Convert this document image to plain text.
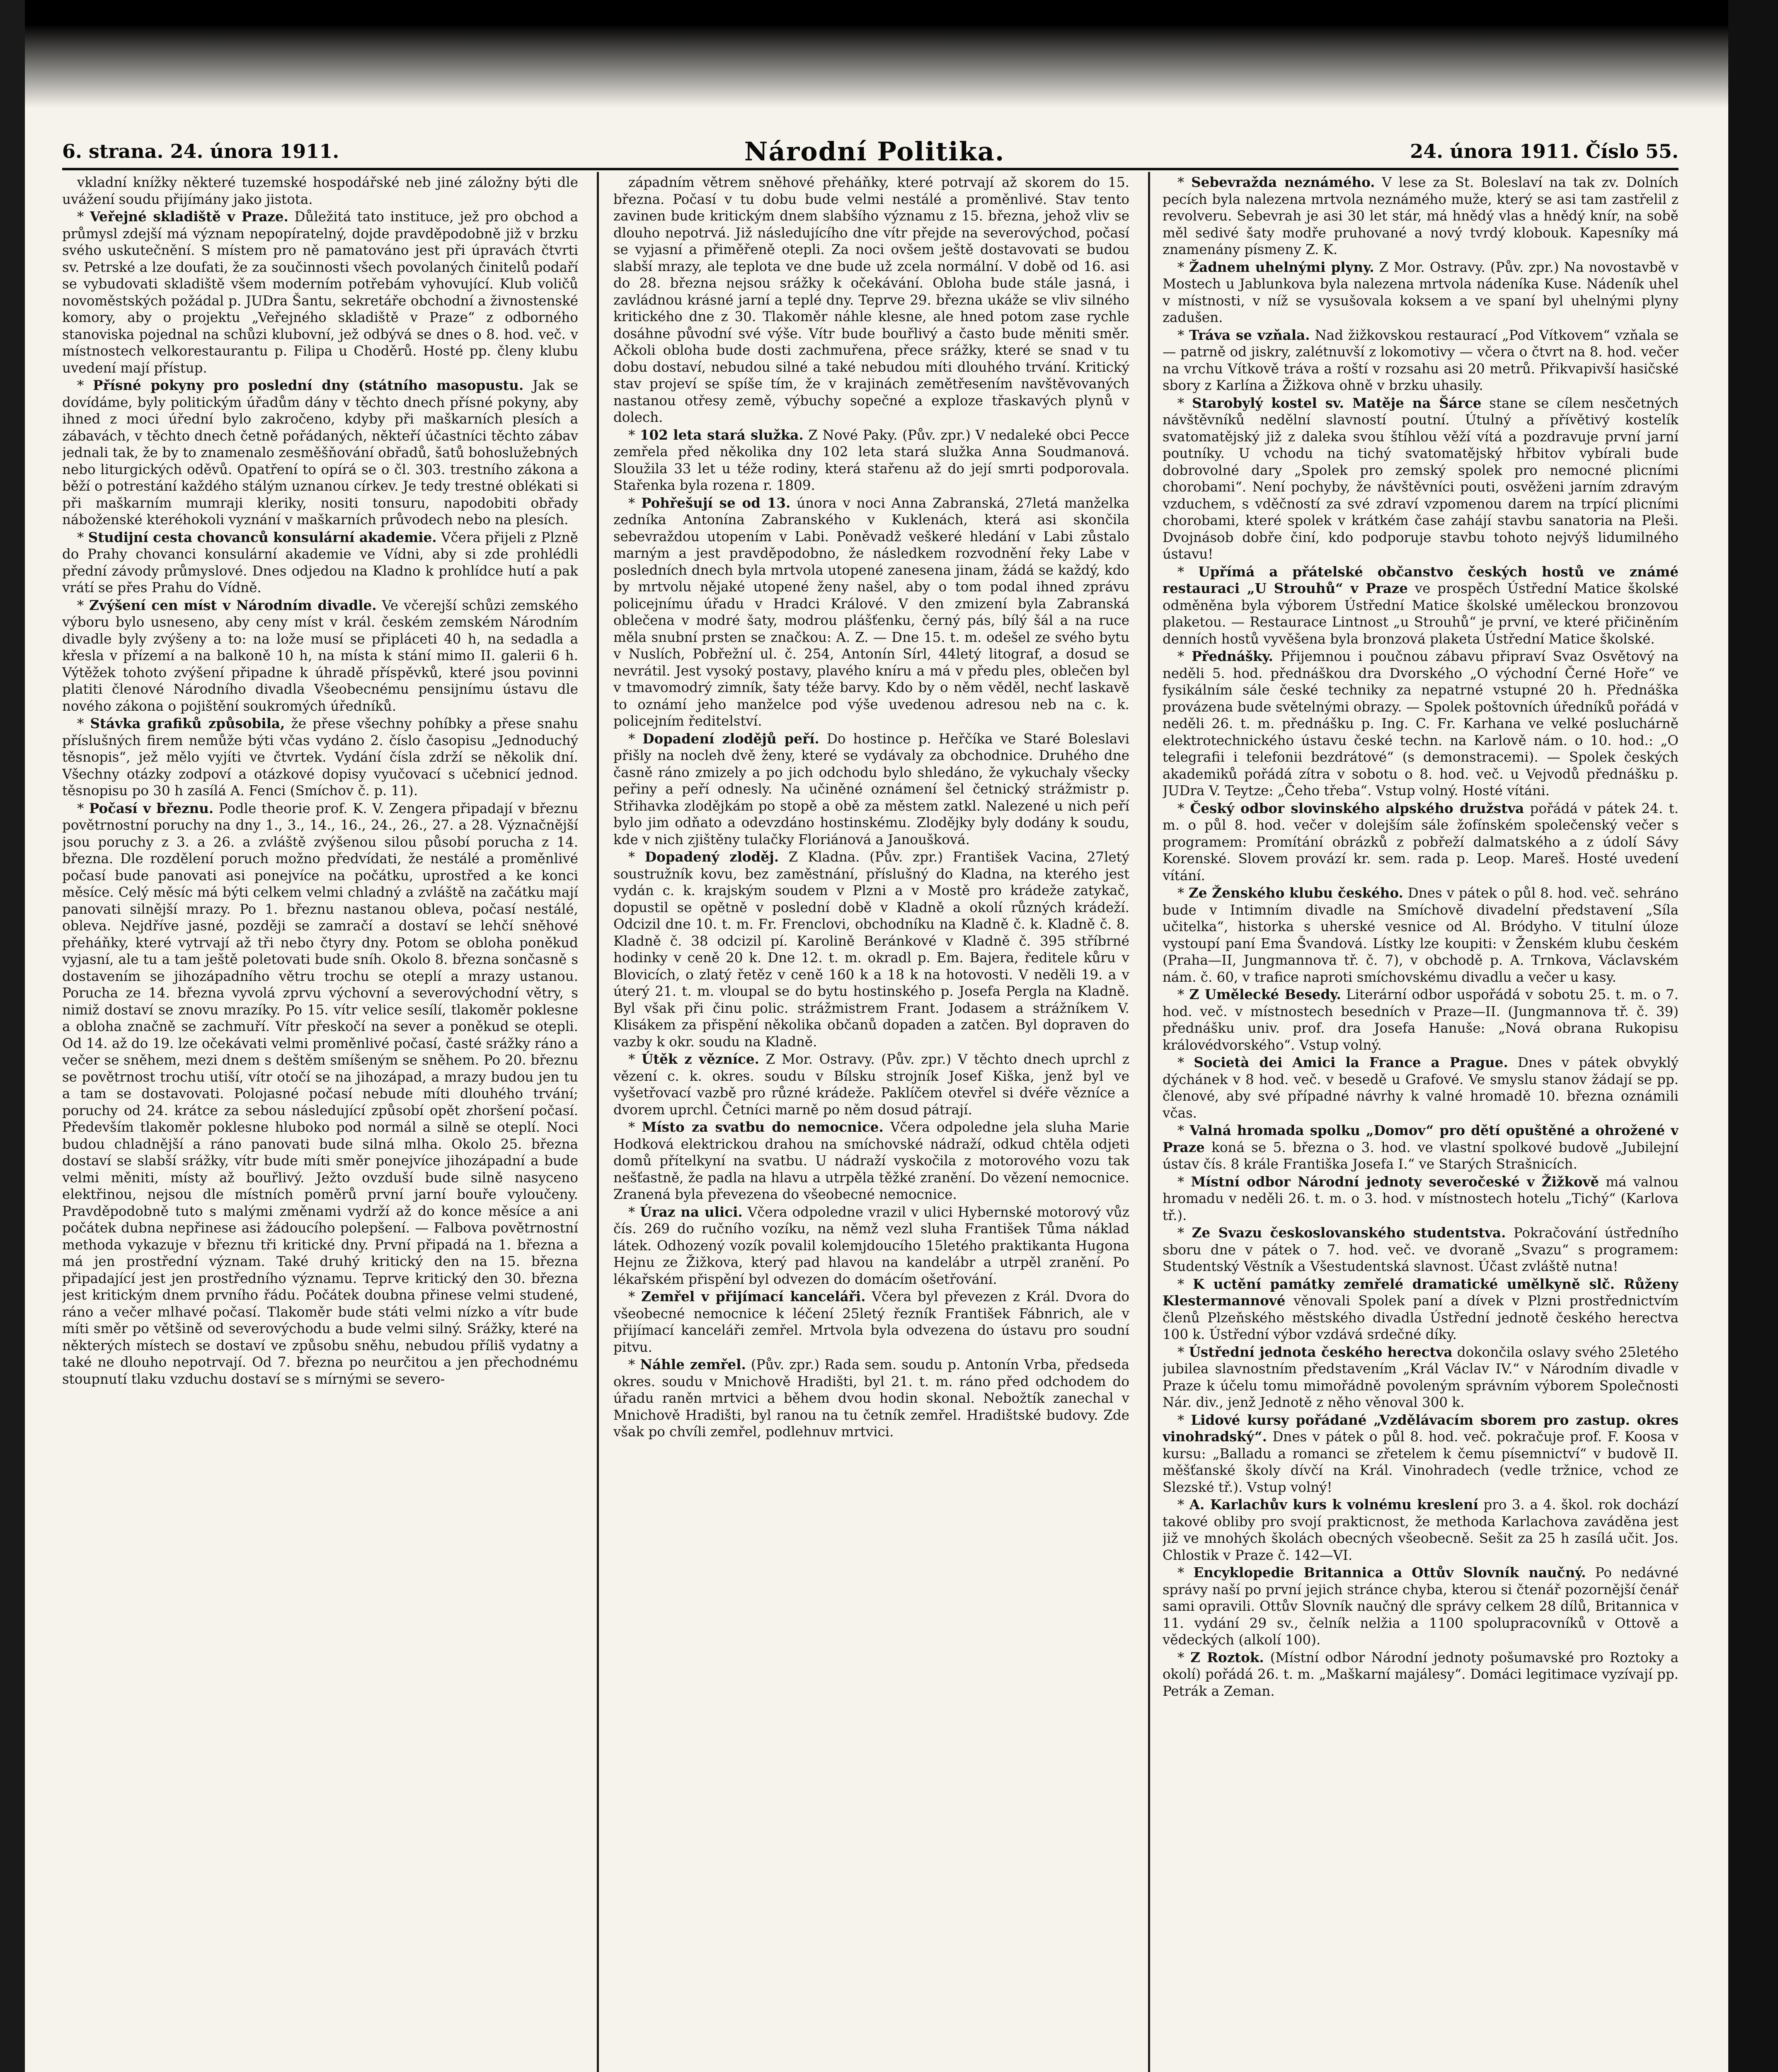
6. strana. 24. února 1911.	Národní Politika.	24. února 1911. Číslo 55.

vkladní knížky některé tuzemské hospodářské neb jiné záložny býti dle uvážení soudu přijímány jako jistota.

* Veřejné skladiště v Praze. Důležitá tato instituce, jež pro obchod a průmysl zdejší má význam nepopíratelný, dojde pravděpodobně již v brzku svého uskutečnění. S místem pro ně pamatováno jest při úpravách čtvrti sv. Petrské a lze doufati, že za součinnosti všech povolaných činitelů podaří se vybudovati skladiště všem moderním potřebám vyhovující. Klub voličů novoměstských požádal p. JUDra Šantu, sekretáře obchodní a živnostenské komory, aby o projektu „Veřejného skladiště v Praze“ z odborného stanoviska pojednal na schůzi klubovní, jež odbývá se dnes o 8. hod. več. v místnostech velkorestaurantu p. Filipa u Choděrů. Hosté pp. členy klubu uvedení mají přístup.

* Přísné pokyny pro poslední dny (státního masopustu. Jak se dovídáme, byly politickým úřadům dány v těchto dnech přísné pokyny, aby ihned z moci úřední bylo zakročeno, kdyby při maškarních plesích a zábavách, v těchto dnech četně pořádaných, někteří účastníci těchto zábav jednali tak, že by to znamenalo zesměšňování obřadů, šatů bohoslužebných nebo liturgických oděvů. Opatření to opírá se o čl. 303. trestního zákona a běží o potrestání každého stálým uznanou církev. Je tedy trestné oblékati si při maškarním mumraji kleriky, nositi tonsuru, napodobiti obřady náboženské kteréhokoli vyznání v maškarních průvodech nebo na plesích.

* Studijní cesta chovanců konsulární akademie. Včera přijeli z Plzně do Prahy chovanci konsulární akademie ve Vídni, aby si zde prohlédli přední závody průmyslové. Dnes odjedou na Kladno k prohlídce hutí a pak vrátí se přes Prahu do Vídně.

* Zvýšení cen míst v Národním divadle. Ve včerejší schůzi zemského výboru bylo usneseno, aby ceny míst v král. českém zemském Národním divadle byly zvýšeny a to: na lože musí se připláceti 40 h, na sedadla a křesla v přízemí a na balkoně 10 h, na místa k stání mimo II. galerii 6 h. Výtěžek tohoto zvýšení připadne k úhradě příspěvků, které jsou povinni platiti členové Národního divadla Všeobecnému pensijnímu ústavu dle nového zákona o pojištění soukromých úředníků.

* Stávka grafiků způsobila, že přese všechny pohíbky a přese snahu příslušných firem nemůže býti včas vydáno 2. číslo časopisu „Jednoduchý těsnopis“, jež mělo vyjíti ve čtvrtek. Vydání čísla zdrží se několik dní. Všechny otázky zodpoví a otázkové dopisy vyučovací s učebnicí jednod. těsnopisu po 30 h zasílá A. Fenci (Smíchov č. p. 11).

* Počasí v březnu. Podle theorie prof. K. V. Zengera připadají v březnu povětrnostní poruchy na dny 1., 3., 14., 16., 24., 26., 27. a 28. Význačnější jsou poruchy z 3. a 26. a zvláště zvýšenou silou působí porucha z 14. března. Dle rozdělení poruch možno předvídati, že nestálé a proměnlivé počasí bude panovati asi ponejvíce na počátku, uprostřed a ke konci měsíce. Celý měsíc má býti celkem velmi chladný a zvláště na začátku mají panovati silnější mrazy. Po 1. březnu nastanou obleva, počasí nestálé, obleva. Nejdříve jasné, později se zamračí a dostaví se lehčí sněhové přeháňky, které vytrvají až tři nebo čtyry dny. Potom se obloha poněkud vyjasní, ale tu a tam ještě poletovati bude sníh. Okolo 8. března sončasně s dostavením se jihozápadního větru trochu se oteplí a mrazy ustanou. Porucha ze 14. března vyvolá zprvu výchovní a severovýchodní větry, s nimiž dostaví se znovu mrazíky. Po 15. vítr velice sesílí, tlakoměr poklesne a obloha značně se zachmuří. Vítr přeskočí na sever a poněkud se otepli. Od 14. až do 19. lze očekávati velmi proměnlivé počasí, časté srážky ráno a večer se sněhem, mezi dnem s deštěm smíšeným se sněhem. Po 20. březnu se povětrnost trochu utiší, vítr otočí se na jihozápad, a mrazy budou jen tu a tam se dostavovati. Polojasné počasí nebude míti dlouhého trvání; poruchy od 24. krátce za sebou následující způsobí opět zhoršení počasí. Především tlakoměr poklesne hluboko pod normál a silně se oteplí. Noci budou chladnější a ráno panovati bude silná mlha. Okolo 25. března dostaví se slabší srážky, vítr bude míti směr ponejvíce jihozápadní a bude velmi měniti, místy až bouřlivý. Ježto ovzduší bude silně nasyceno elektřinou, nejsou dle místních poměrů první jarní bouře vyloučeny. Pravděpodobně tuto s malými změnami vydrží až do konce měsíce a ani počátek dubna nepřinese asi žádoucího polepšení. — Falbova povětrnostní methoda vykazuje v březnu tři kritické dny. První připadá na 1. března a má jen prostřední význam. Také druhý kritický den na 15. března připadající jest jen prostředního významu. Teprve kritický den 30. března jest kritickým dnem prvního řádu. Počátek doubna přinese velmi studené, ráno a večer mlhavé počasí. Tlakoměr bude státi velmi nízko a vítr bude míti směr po většině od severovýchodu a bude velmi silný. Srážky, které na některých místech se dostaví ve způsobu sněhu, nebudou příliš vydatny a také ne dlouho nepotrvají. Od 7. března po neurčitou a jen přechodnému stoupnutí tlaku vzduchu dostaví se s mírnými se severo-

západním větrem sněhové přeháňky, které potrvají až skorem do 15. března. Počasí v tu dobu bude velmi nestálé a proměnlivé. Stav tento zavinen bude kritickým dnem slabšího významu z 15. března, jehož vliv se dlouho nepotrvá. Již následujícího dne vítr přejde na severovýchod, počasí se vyjasní a přiměřeně otepli. Za noci ovšem ještě dostavovati se budou slabší mrazy, ale teplota ve dne bude už zcela normální. V době od 16. asi do 28. března nejsou srážky k očekávání. Obloha bude stále jasná, i zavládnou krásné jarní a teplé dny. Teprve 29. března ukáže se vliv silného kritického dne z 30. Tlakoměr náhle klesne, ale hned potom zase rychle dosáhne původní své výše. Vítr bude bouřlivý a často bude měniti směr. Ačkoli obloha bude dosti zachmuřena, přece srážky, které se snad v tu dobu dostaví, nebudou silné a také nebudou míti dlouhého trvání. Kritický stav projeví se spíše tím, že v krajinách zemětřesením navštěvovaných nastanou otřesy země, výbuchy sopečné a exploze třaskavých plynů v dolech.

* 102 leta stará služka. Z Nové Paky. (Pův. zpr.) V nedaleké obci Pecce zemřela před několika dny 102 leta stará služka Anna Soudmanová. Sloužila 33 let u téže rodiny, která stařenu až do její smrti podporovala. Stařenka byla rozena r. 1809.

* Pohřešují se od 13. února v noci Anna Zabranská, 27letá manželka zedníka Antonína Zabranského v Kuklenách, která asi skončila sebevraždou utopením v Labi. Poněvadž veškeré hledání v Labi zůstalo marným a jest pravděpodobno, že následkem rozvodnění řeky Labe v posledních dnech byla mrtvola utopené zanesena jinam, žádá se každý, kdo by mrtvolu nějaké utopené ženy našel, aby o tom podal ihned zprávu policejnímu úřadu v Hradci Králové. V den zmizení byla Zabranská oblečena v modré šaty, modrou plášťenku, černý pás, bílý šál a na ruce měla snubní prsten se značkou: A. Z. — Dne 15. t. m. odešel ze svého bytu v Nuslích, Pobřežní ul. č. 254, Antonín Sírl, 44letý litograf, a dosud se nevrátil. Jest vysoký postavy, plavého kníru a má v předu ples, oblečen byl v tmavomodrý zimník, šaty téže barvy. Kdo by o něm věděl, nechť laskavě to oznámí jeho manželce pod výše uvedenou adresou neb na c. k. policejním ředitelství.

* Dopadení zlodějů peří. Do hostince p. Heřčíka ve Staré Boleslavi přišly na nocleh dvě ženy, které se vydávaly za obchodnice. Druhého dne časně ráno zmizely a po jich odchodu bylo shledáno, že vykuchaly všecky peřiny a peří odnesly. Na učiněné oznámení šel četnický strážmistr p. Střihavka zlodějkám po stopě a obě za městem zatkl. Nalezené u nich peří bylo jim odňato a odevzdáno hostinskému. Zlodějky byly dodány k soudu, kde v nich zjištěny tulačky Floriánová a Janoušková.

* Dopadený zloděj. Z Kladna. (Pův. zpr.) František Vacina, 27letý soustružník kovu, bez zaměstnání, příslušný do Kladna, na kterého jest vydán c. k. krajským soudem v Plzni a v Mostě pro krádeže zatykač, dopustil se opětně v poslední době v Kladně a okolí různých krádeží. Odcizil dne 10. t. m. Fr. Frenclovi, obchodníku na Kladně č. k. Kladně č. 8. Kladně č. 38 odcizil pí. Karolině Beránkové v Kladně č. 395 stříbrné hodinky v ceně 20 k. Dne 12. t. m. okradl p. Em. Bajera, ředitele kůru v Blovicích, o zlatý řetěz v ceně 160 k a 18 k na hotovosti. V neděli 19. a v úterý 21. t. m. vloupal se do bytu hostinského p. Josefa Pergla na Kladně. Byl však při činu polic. strážmistrem Frant. Jodasem a strážníkem V. Klisákem za přispění několika občanů dopaden a zatčen. Byl dopraven do vazby k okr. soudu na Kladně.

* Útěk z vězníce. Z Mor. Ostravy. (Pův. zpr.) V těchto dnech uprchl z vězení c. k. okres. soudu v Bílsku strojník Josef Kiška, jenž byl ve vyšetřovací vazbě pro různé krádeže. Paklíčem otevřel si dvéře vězníce a dvorem uprchl. Četníci marně po něm dosud pátrají.

* Místo za svatbu do nemocnice. Včera odpoledne jela sluha Marie Hodková elektrickou drahou na smíchovské nádraží, odkud chtěla odjeti domů přítelkyní na svatbu. U nádraží vyskočila z motorového vozu tak nešťastně, že padla na hlavu a utrpěla těžké zranění. Do vězení nemocnice. Zranená byla převezena do všeobecné nemocnice.

* Úraz na ulici. Včera odpoledne vrazil v ulici Hybernské motorový vůz čís. 269 do ručního vozíku, na němž vezl sluha František Tůma náklad látek. Odhozený vozík povalil kolemjdoucího 15letého praktikanta Hugona Hejnu ze Žižkova, který pad hlavou na kandelábr a utrpěl zranění. Po lékařském přispění byl odvezen do domácím ošetřování.

* Zemřel v přijímací kanceláři. Včera byl převezen z Král. Dvora do všeobecné nemocnice k léčení 25letý řezník František Fábnrich, ale v přijímací kanceláři zemřel. Mrtvola byla odvezena do ústavu pro soudní pitvu.

* Náhle zemřel. (Pův. zpr.) Rada sem. soudu p. Antonín Vrba, předseda okres. soudu v Mnichově Hradišti, byl 21. t. m. ráno před odchodem do úřadu raněn mrtvici a během dvou hodin skonal. Nebožtík zanechal v Mnichově Hradišti, byl ranou na tu četník zemřel. Hradištské budovy. Zde však po chvíli zemřel, podlehnuv mrtvici.

* Sebevražda neznámého. V lese za St. Boleslaví na tak zv. Dolních pecích byla nalezena mrtvola neznámého muže, který se asi tam zastřelil z revolveru. Sebevrah je asi 30 let stár, má hnědý vlas a hnědý knír, na sobě měl sedivé šaty modře pruhované a nový tvrdý klobouk. Kapesníky má znamenány písmeny Z. K.

* Žadnem uhelnými plyny. Z Mor. Ostravy. (Pův. zpr.) Na novostavbě v Mostech u Jablunkova byla nalezena mrtvola nádeníka Kuse. Nádeník uhel v místnosti, v níž se vysušovala koksem a ve spaní byl uhelnými plyny zadušen.

* Tráva se vzňala. Nad žižkovskou restaurací „Pod Vítkovem“ vzňala se — patrně od jiskry, zalétnuvší z lokomotivy — včera o čtvrt na 8. hod. večer na vrchu Vítkově tráva a roští v rozsahu asi 20 metrů. Přikvapivší hasičské sbory z Karlína a Žižkova ohně v brzku uhasily.

* Starobylý kostel sv. Matěje na Šárce stane se cílem nesčetných návštěvníků nedělní slavností poutní. Útulný a přívětivý kostelík svatomatějský již z daleka svou štíhlou věží vítá a pozdravuje první jarní poutníky. U vchodu na tichý svatomatějský hřbitov vybírali bude dobrovolné dary „Spolek pro zemský spolek pro nemocné plicními chorobami“. Není pochyby, že návštěvníci pouti, osvěženi jarním zdravým vzduchem, s vděčností za své zdraví vzpomenou darem na trpící plicními chorobami, které spolek v krátkém čase zahájí stavbu sanatoria na Pleši. Dvojnásob dobře činí, kdo podporuje stavbu tohoto nejvýš lidumilného ústavu!

* Upřímá a přátelské občanstvo českých hostů ve známé restauraci „U Strouhů“ v Praze ve prospěch Ústřední Matice školské odměněna byla výborem Ústřední Matice školské uměleckou bronzovou plaketou. — Restaurace Lintnost „u Strouhů“ je první, ve které přičiněním denních hostů vyvěšena byla bronzová plaketa Ústřední Matice školské.

* Přednášky. Přijemnou i poučnou zábavu připraví Svaz Osvětový na neděli 5. hod. přednáškou dra Dvorského „O východní Černé Hoře“ ve fysikálním sále české techniky za nepatrné vstupné 20 h. Přednáška provázena bude světelnými obrazy. — Spolek poštovních úředníků pořádá v neděli 26. t. m. přednášku p. Ing. C. Fr. Karhana ve velké posluchárně elektrotechnického ústavu české techn. na Karlově nám. o 10. hod.: „O telegrafii i telefonii bezdrátové“ (s demonstracemi). — Spolek českých akademiků pořádá zítra v sobotu o 8. hod. več. u Vejvodů přednášku p. JUDra V. Teytze: „Čeho třeba“. Vstup volný. Hosté vítáni.

* Český odbor slovinského alpského družstva pořádá v pátek 24. t. m. o půl 8. hod. večer v dolejším sále žofínském společenský večer s programem: Promítání obrázků z pobřeží dalmatského a z údolí Sávy Korenské. Slovem provází kr. sem. rada p. Leop. Mareš. Hosté uvedení vítání.

* Ze Ženského klubu českého. Dnes v pátek o půl 8. hod. več. sehráno bude v Intimním divadle na Smíchově divadelní představení „Síla učitelka“, historka s uherské vesnice od Al. Bródyho. V titulní úloze vystoupí paní Ema Švandová. Lístky lze koupiti: v Ženském klubu českém (Praha—II, Jungmannova tř. č. 7), v obchodě p. A. Trnkova, Václavském nám. č. 60, v trafice naproti smíchovskému divadlu a večer u kasy.

* Z Umělecké Besedy. Literární odbor uspořádá v sobotu 25. t. m. o 7. hod. več. v místnostech besedních v Praze—II. (Jungmannova tř. č. 39) přednášku univ. prof. dra Josefa Hanuše: „Nová obrana Rukopisu královédvorského“. Vstup volný.

* Società dei Amici la France a Prague. Dnes v pátek obvyklý dýchánek v 8 hod. več. v besedě u Grafové. Ve smyslu stanov žádají se pp. členové, aby své případné návrhy k valné hromadě 10. března oznámili včas.

* Valná hromada spolku „Domov“ pro dětí opuštěné a ohrožené v Praze koná se 5. března o 3. hod. ve vlastní spolkové budově „Jubilejní ústav čís. 8 krále Františka Josefa I.“ ve Starých Strašnicích.

* Místní odbor Národní jednoty severočeské v Žižkově má valnou hromadu v neděli 26. t. m. o 3. hod. v místnostech hotelu „Tichý“ (Karlova tř.).

* Ze Svazu českoslovanského studentstva. Pokračování ústředního sboru dne v pátek o 7. hod. več. ve dvoraně „Svazu“ s programem: Studentský Věstník a Všestudentská slavnost. Účast zvláště nutna!

* K uctění památky zemřelé dramatické umělkyně slč. Růženy Klestermannové věnovali Spolek paní a dívek v Plzni prostřednictvím členů Plzeňského městského divadla Ústřední jednotě českého herectva 100 k. Ústřední výbor vzdává srdečné díky.

* Ústřední jednota českého herectva dokončila oslavy svého 25letého jubilea slavnostním představením „Král Václav IV.“ v Národním divadle v Praze k účelu tomu mimořádně povoleným správním výborem Společnosti Nár. div., jenž Jednotě z něho věnoval 300 k.

* Lidové kursy pořádané „Vzdělávacím sborem pro zastup. okres vinohradský“. Dnes v pátek o půl 8. hod. več. pokračuje prof. F. Koosa v kursu: „Balladu a romanci se zřetelem k čemu písemnictví“ v budově II. měšťanské školy dívčí na Král. Vinohradech (vedle tržnice, vchod ze Slezské tř.). Vstup volný!

* A. Karlachův kurs k volnému kreslení pro 3. a 4. škol. rok dochází takové obliby pro svojí prakticnost, že methoda Karlachova zaváděna jest již ve mnohých školách obecných všeobecně. Sešit za 25 h zasílá učit. Jos. Chlostik v Praze č. 142—VI.

* Encyklopedie Britannica a Ottův Slovník naučný. Po nedávné správy naší po první jejich stránce chyba, kterou si čtenář pozornější čenář sami opravili. Ottův Slovník naučný dle správy celkem 28 dílů, Britannica v 11. vydání 29 sv., čelník nelžia a 1100 spolupracovníků v Ottově a vědeckých (alkolí 100).

* Z Roztok. (Místní odbor Národní jednoty pošumavské pro Roztoky a okolí) pořádá 26. t. m. „Maškarní majálesy“. Domáci legitimace vyzívají pp. Petrák a Zeman.
